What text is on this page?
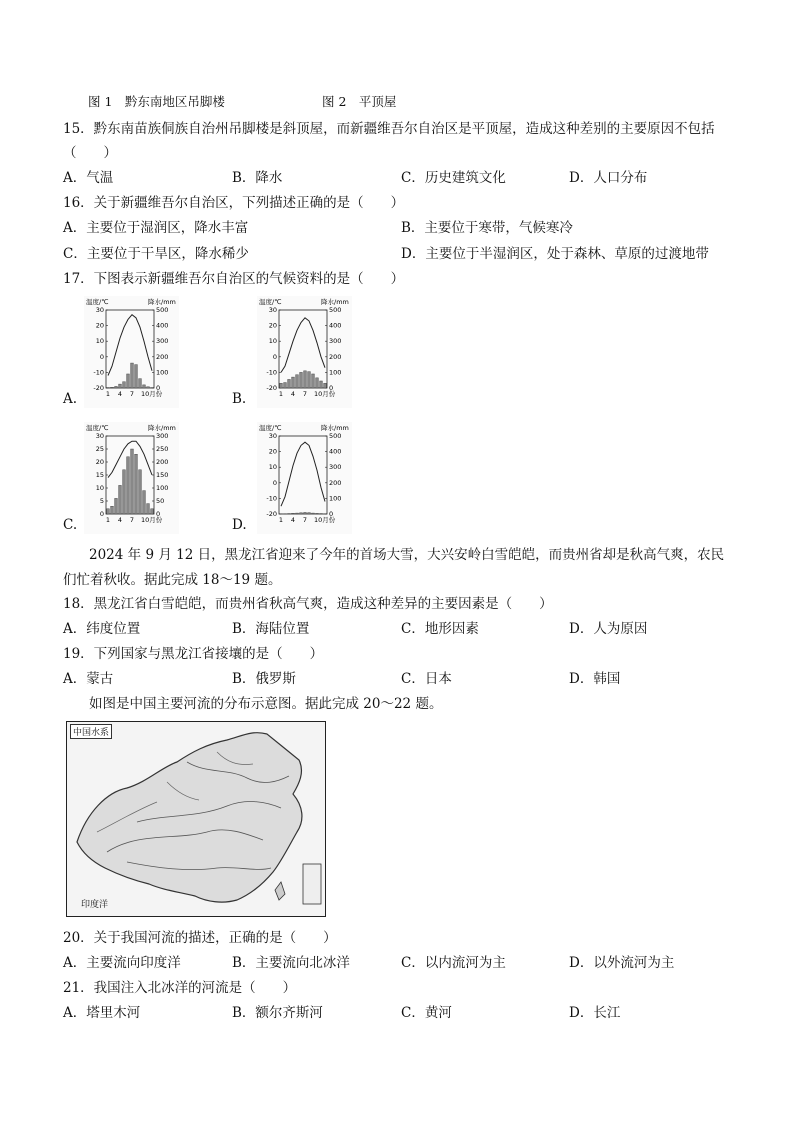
图 1　黔东南地区吊脚楼	图 2　平顶屋
15．黔东南苗族侗族自治州吊脚楼是斜顶屋，而新疆维吾尔自治区是平顶屋，造成这种差别的主要原因不包括
（　　）
A．气温	B．降水	C．历史建筑文化	D．人口分布
16．关于新疆维吾尔自治区，下列描述正确的是（　　）
A．主要位于湿润区，降水丰富	B．主要位于寒带，气候寒冷
C．主要位于干旱区，降水稀少	D．主要位于半湿润区，处于森林、草原的过渡地带
17．下图表示新疆维吾尔自治区的气候资料的是（　　）
A.	B.
C.	D.
温度/℃	降水/mm
30
20
10
0
-10
-20
500
400
300
200
100
0
1 4 7 10月份
温度/℃	降水/mm
30
20
10
0
-10
-20
500
400
300
200
100
0
1 4 7 10月份
温度/℃	降水/mm
30
25
20
15
10
5
0
300
250
200
150
100
50
0
1 4 7 10月份
温度/℃	降水/mm
30
20
10
0
-10
-20
500
400
300
200
100
0
1 4 7 10月份
2024 年 9 月 12 日，黑龙江省迎来了今年的首场大雪，大兴安岭白雪皑皑，而贵州省却是秋高气爽，农民
们忙着秋收。据此完成 18～19 题。
18．黑龙江省白雪皑皑，而贵州省秋高气爽，造成这种差异的主要因素是（　　）
A．纬度位置	B．海陆位置	C．地形因素	D．人为原因
19．下列国家与黑龙江省接壤的是（　　）
A．蒙古	B．俄罗斯	C．日本	D．韩国
如图是中国主要河流的分布示意图。据此完成 20～22 题。
中国水系
印度洋
20．关于我国河流的描述，正确的是（　　）
A．主要流向印度洋	B．主要流向北冰洋	C．以内流河为主	D．以外流河为主
21．我国注入北冰洋的河流是（　　）
A．塔里木河	B．额尔齐斯河	C．黄河	D．长江
